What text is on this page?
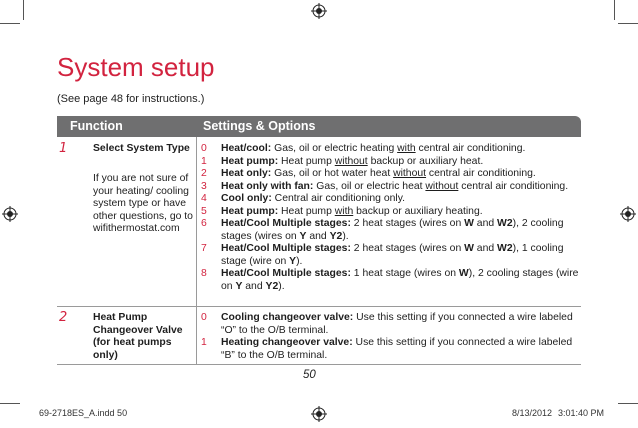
System setup
(See page 48 for instructions.)
Function	Settings & Options
1 Select System Type
If you are not sure of your heating/ cooling system type or have other questions, go to wifithermostat.com
0 Heat/cool: Gas, oil or electric heating with central air conditioning.
1 Heat pump: Heat pump without backup or auxiliary heat.
2 Heat only: Gas, oil or hot water heat without central air conditioning.
3 Heat only with fan: Gas, oil or electric heat without central air conditioning.
4 Cool only: Central air conditioning only.
5 Heat pump: Heat pump with backup or auxiliary heating.
6 Heat/Cool Multiple stages: 2 heat stages (wires on W and W2), 2 cooling stages (wires on Y and Y2).
7 Heat/Cool Multiple stages: 2 heat stages (wires on W and W2), 1 cooling stage (wire on Y).
8 Heat/Cool Multiple stages: 1 heat stage (wires on W), 2 cooling stages (wire on Y and Y2).
2 Heat Pump Changeover Valve (for heat pumps only)
0 Cooling changeover valve: Use this setting if you connected a wire labeled “O” to the O/B terminal.
1 Heating changeover valve: Use this setting if you connected a wire labeled “B” to the O/B terminal.
50
69-2718ES_A.indd 50	8/13/2012 3:01:40 PM
